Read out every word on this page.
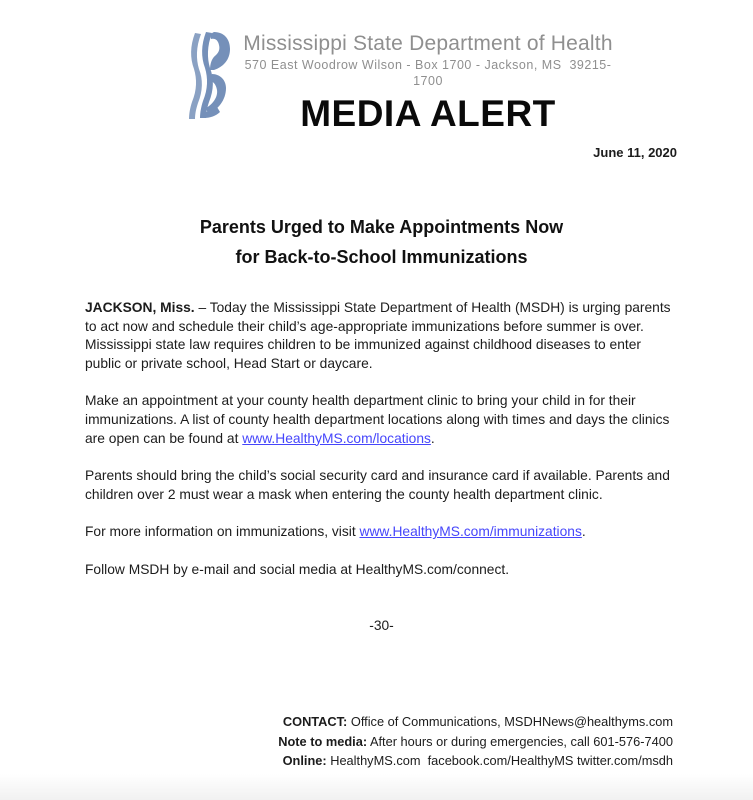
Mississippi State Department of Health
570 East Woodrow Wilson - Box 1700 - Jackson, MS  39215-1700
MEDIA ALERT
June 11, 2020
Parents Urged to Make Appointments Now
for Back-to-School Immunizations

JACKSON, Miss. – Today the Mississippi State Department of Health (MSDH) is urging parents to act now and schedule their child’s age-appropriate immunizations before summer is over. Mississippi state law requires children to be immunized against childhood diseases to enter public or private school, Head Start or daycare.

Make an appointment at your county health department clinic to bring your child in for their immunizations. A list of county health department locations along with times and days the clinics are open can be found at www.HealthyMS.com/locations.

Parents should bring the child’s social security card and insurance card if available. Parents and children over 2 must wear a mask when entering the county health department clinic.

For more information on immunizations, visit www.HealthyMS.com/immunizations.

Follow MSDH by e-mail and social media at HealthyMS.com/connect.

-30-
CONTACT: Office of Communications, MSDHNews@healthyms.com
Note to media: After hours or during emergencies, call 601-576-7400
Online: HealthyMS.com  facebook.com/HealthyMS twitter.com/msdh
